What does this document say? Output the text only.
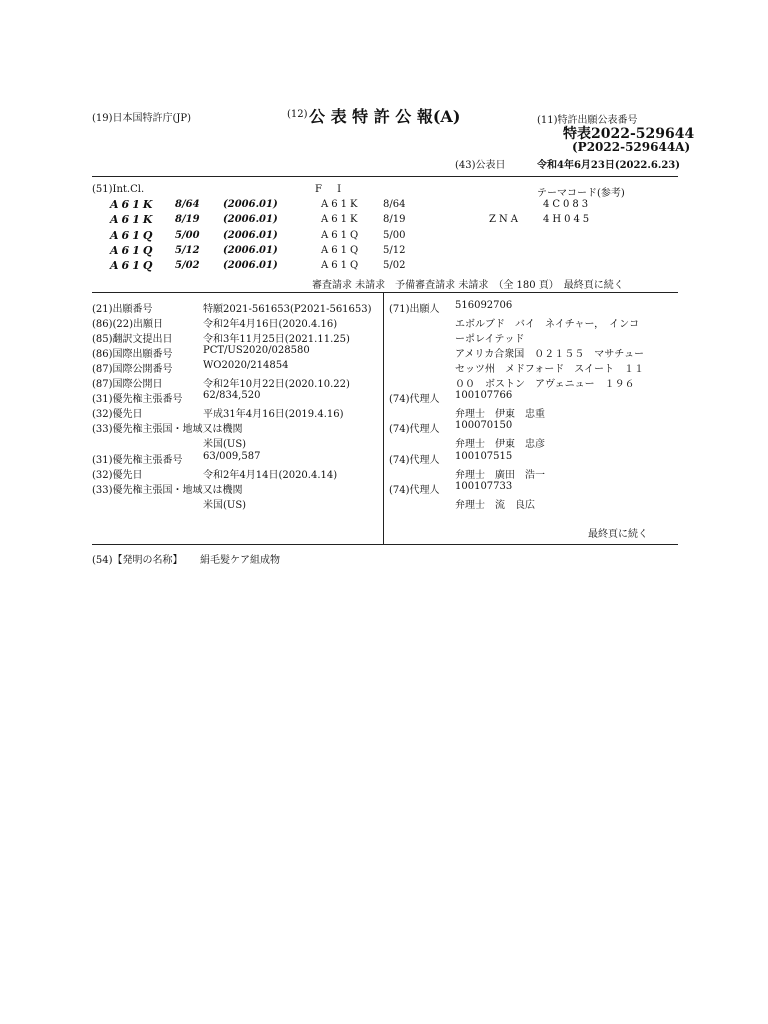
(19)日本国特許庁(JP)	(12) 公 表 特 許 公 報(A)	(11)特許出願公表番号
特表2022-529644
(P2022-529644A)
(43)公表日	令和4年6月23日(2022.6.23)
(51)Int.Cl.	F I	テーマコード(参考)
A61K 8/64 (2006.01)	A61K 8/64	4C083
A61K 8/19 (2006.01)	A61K 8/19	ZNA 4H045
A61Q 5/00 (2006.01)	A61Q 5/00
A61Q 5/12 (2006.01)	A61Q 5/12
A61Q 5/02 (2006.01)	A61Q 5/02
審査請求 未請求　予備審査請求 未請求　（全 180 頁）　最終頁に続く
(21)出願番号	特願2021-561653(P2021-561653)
(86)(22)出願日	令和2年4月16日(2020.4.16)
(85)翻訳文提出日	令和3年11月25日(2021.11.25)
(86)国際出願番号	PCT/US2020/028580
(87)国際公開番号	WO2020/214854
(87)国際公開日	令和2年10月22日(2020.10.22)
(31)優先権主張番号 62/834,520
(32)優先日	平成31年4月16日(2019.4.16)
(33)優先権主張国・地域又は機関
米国(US)
(31)優先権主張番号 63/009,587
(32)優先日	令和2年4月14日(2020.4.14)
(33)優先権主張国・地域又は機関
米国(US)
(71)出願人 516092706
エボルブド　バイ　ネイチャー，　インコ
ーポレイテッド
アメリカ合衆国　０２１５５　マサチュー
セッツ州　メドフォード　スイート　１１
００　ボストン　アヴェニュー　１９６
(74)代理人 100107766
弁理士　伊東　忠重
(74)代理人 100070150
弁理士　伊東　忠彦
(74)代理人 100107515
弁理士　廣田　浩一
(74)代理人 100107733
弁理士　流　良広
最終頁に続く
(54)【発明の名称】 絹毛髪ケア組成物
